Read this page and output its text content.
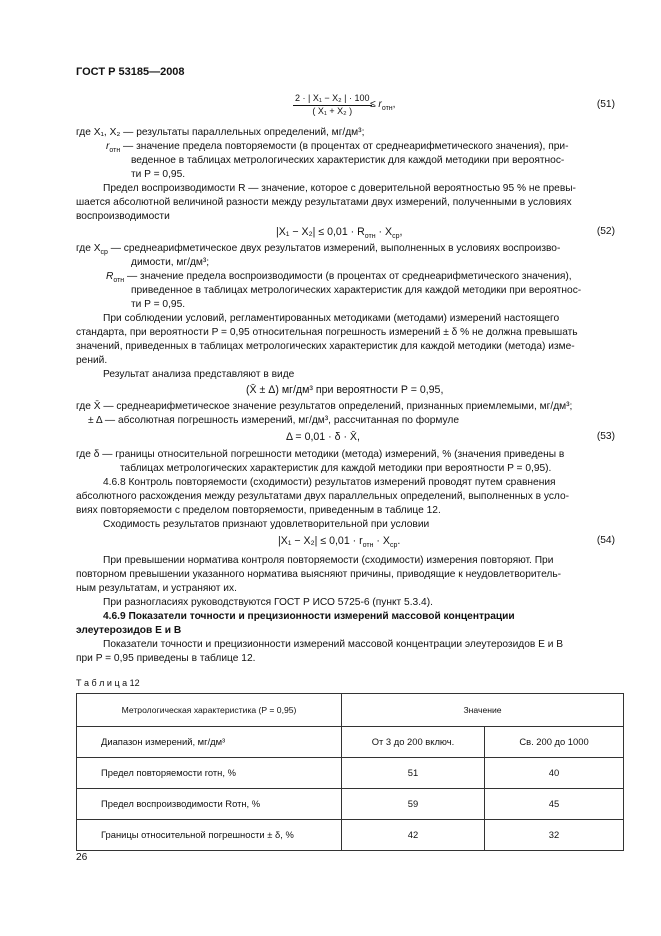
ГОСТ Р 53185—2008
$\frac{\text{2 · | X₁ − X₂ | · 100}}{\text{( X₁ + X₂ )}}$
≤ $r_{отн}$,	(51)
где X₁, X₂ — результаты параллельных определений, мг/дм³;
$r_{отн}$ — значение предела повторяемости (в процентах от среднеарифметического значения), при-
веденное в таблицах метрологических характеристик для каждой методики при вероятнос-
ти P = 0,95.
Предел воспроизводимости R — значение, которое с доверительной вероятностью 95 % не превы-
шается абсолютной величиной разности между результатами двух измерений, полученными в условиях
воспроизводимости
$|X_1 - X_2| \le 0,01 \cdot R_{отн} \cdot X_{ср}$,	(52)
где $X_{ср}$ — среднеарифметическое двух результатов измерений, выполненных в условиях воспроизво-
димости, мг/дм³;
$R_{отн}$ — значение предела воспроизводимости (в процентах от среднеарифметического значения),
приведенное в таблицах метрологических характеристик для каждой методики при вероятнос-
ти P = 0,95.
При соблюдении условий, регламентированных методиками (методами) измерений настоящего
стандарта, при вероятности P = 0,95 относительная погрешность измерений ± δ % не должна превышать
значений, приведенных в таблицах метрологических характеристик для каждой методики (метода) изме-
рений.
Результат анализа представляют в виде
(X̄ ± Δ) мг/дм³ при вероятности P = 0,95,
где X̄ — среднеарифметическое значение результатов определений, признанных приемлемыми, мг/дм³;
± Δ — абсолютная погрешность измерений, мг/дм³, рассчитанная по формуле
Δ = 0,01 · δ · X̄,	(53)
где δ — границы относительной погрешности методики (метода) измерений, % (значения приведены в
таблицах метрологических характеристик для каждой методики при вероятности P = 0,95).
4.6.8 Контроль повторяемости (сходимости) результатов измерений проводят путем сравнения
абсолютного расхождения между результатами двух параллельных определений, выполненных в усло-
виях повторяемости с пределом повторяемости, приведенным в таблице 12.
Сходимость результатов признают удовлетворительной при условии
$|X_1 - X_2| \le 0,01 \cdot r_{отн} \cdot X_{ср}$.	(54)
При превышении норматива контроля повторяемости (сходимости) измерения повторяют. При
повторном превышении указанного норматива выясняют причины, приводящие к неудовлетворитель-
ным результатам, и устраняют их.
При разногласиях руководствуются ГОСТ Р ИСО 5725-6 (пункт 5.3.4).
4.6.9 Показатели точности и прецизионности измерений массовой концентрации
элеутерозидов Е и В
Показатели точности и прецизионности измерений массовой концентрации элеутерозидов Е и В
при P = 0,95 приведены в таблице 12.
Т а б л и ц а 12
Метрологическая характеристика (P = 0,95)	Значение	
Диапазон измерений, мг/дм³	От 3 до 200 включ.	Св. 200 до 1000
Предел повторяемости rотн, %	51	40
Предел воспроизводимости Rотн, %	59	45
Границы относительной погрешности ± δ, %	42	32
26
